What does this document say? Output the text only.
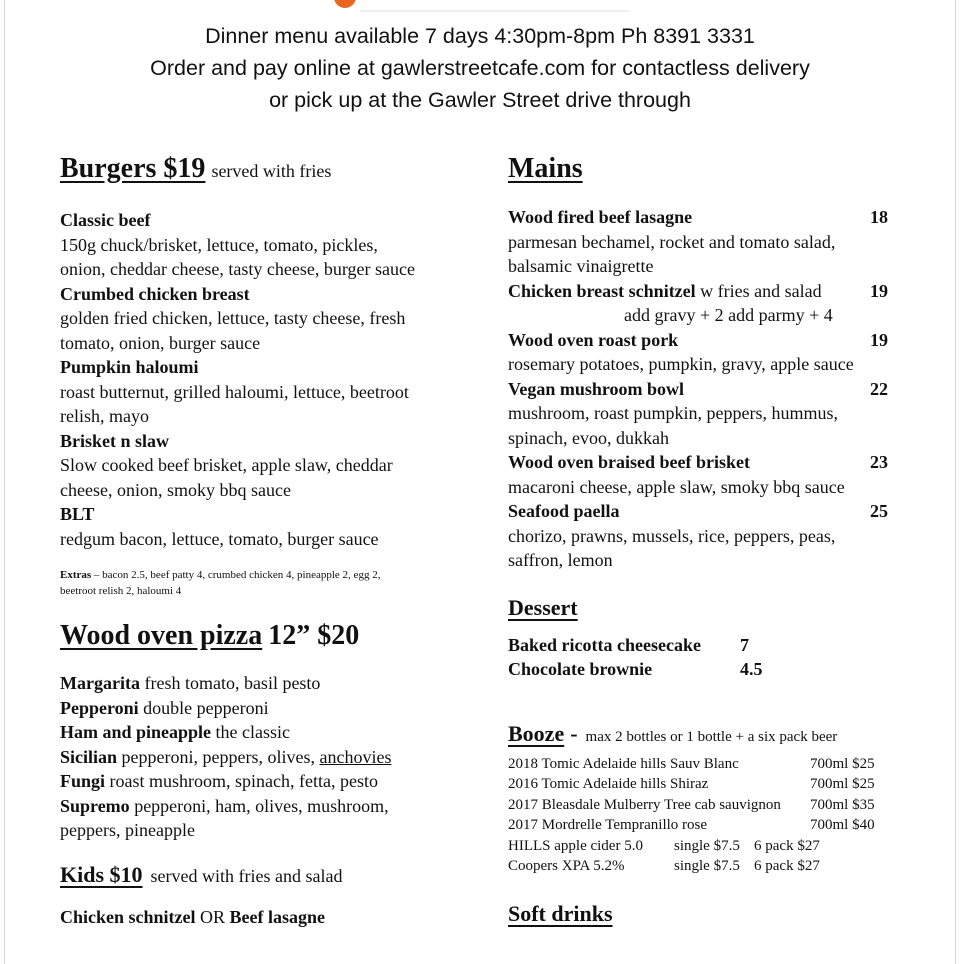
Dinner menu available 7 days 4:30pm-8pm Ph 8391 3331
Order and pay online at gawlerstreetcafe.com for contactless delivery
or pick up at the Gawler Street drive through
Burgers $19 served with fries
Classic beef
150g chuck/brisket, lettuce, tomato, pickles,
onion, cheddar cheese, tasty cheese, burger sauce
Crumbed chicken breast
golden fried chicken, lettuce, tasty cheese, fresh
tomato, onion, burger sauce
Pumpkin haloumi
roast butternut, grilled haloumi, lettuce, beetroot
relish, mayo
Brisket n slaw
Slow cooked beef brisket, apple slaw, cheddar
cheese, onion, smoky bbq sauce
BLT
redgum bacon, lettuce, tomato, burger sauce
Extras – bacon 2.5, beef patty 4, crumbed chicken 4, pineapple 2, egg 2,
beetroot relish 2, haloumi 4
Wood oven pizza 12” $20
Margarita fresh tomato, basil pesto
Pepperoni double pepperoni
Ham and pineapple the classic
Sicilian pepperoni, peppers, olives, anchovies
Fungi roast mushroom, spinach, fetta, pesto
Supremo pepperoni, ham, olives, mushroom,
peppers, pineapple
Kids $10 served with fries and salad
Chicken schnitzel OR Beef lasagne
Mains
Wood fired beef lasagne	18
parmesan bechamel, rocket and tomato salad,
balsamic vinaigrette
Chicken breast schnitzel w fries and salad	19
add gravy + 2 add parmy + 4
Wood oven roast pork	19
rosemary potatoes, pumpkin, gravy, apple sauce
Vegan mushroom bowl	22
mushroom, roast pumpkin, peppers, hummus,
spinach, evoo, dukkah
Wood oven braised beef brisket	23
macaroni cheese, apple slaw, smoky bbq sauce
Seafood paella	25
chorizo, prawns, mussels, rice, peppers, peas,
saffron, lemon
Dessert
Baked ricotta cheesecake	7
Chocolate brownie	4.5
Booze - max 2 bottles or 1 bottle + a six pack beer
2018 Tomic Adelaide hills Sauv Blanc	700ml $25
2016 Tomic Adelaide hills Shiraz	700ml $25
2017 Bleasdale Mulberry Tree cab sauvignon	700ml $35
2017 Mordrelle Tempranillo rose	700ml $40
HILLS apple cider 5.0	single $7.5 6 pack $27
Coopers XPA 5.2%	single $7.5 6 pack $27
Soft drinks
